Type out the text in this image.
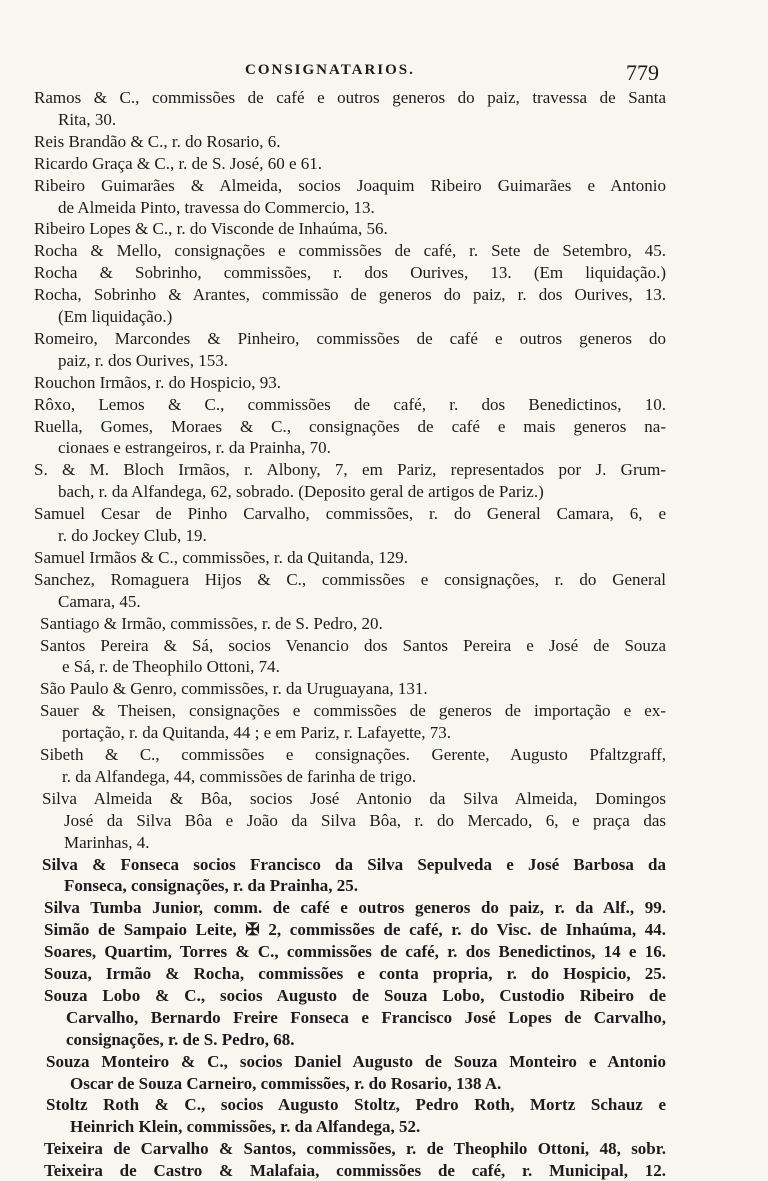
CONSIGNATARIOS.	779
Ramos & C., commissões de café e outros generos do paiz, travessa de Santa
Rita, 30.
Reis Brandão & C., r. do Rosario, 6.
Ricardo Graça & C., r. de S. José, 60 e 61.
Ribeiro Guimarães & Almeida, socios Joaquim Ribeiro Guimarães e Antonio
de Almeida Pinto, travessa do Commercio, 13.
Ribeiro Lopes & C., r. do Visconde de Inhaúma, 56.
Rocha & Mello, consignações e commissões de café, r. Sete de Setembro, 45.
Rocha & Sobrinho, commissões, r. dos Ourives, 13. (Em liquidação.)
Rocha, Sobrinho & Arantes, commissão de generos do paiz, r. dos Ourives, 13.
(Em liquidação.)
Romeiro, Marcondes & Pinheiro, commissões de café e outros generos do
paiz, r. dos Ourives, 153.
Rouchon Irmãos, r. do Hospicio, 93.
Rôxo, Lemos & C., commissões de café, r. dos Benedictinos, 10.
Ruella, Gomes, Moraes & C., consignações de café e mais generos na-
cionaes e estrangeiros, r. da Prainha, 70.
S. & M. Bloch Irmãos, r. Albony, 7, em Pariz, representados por J. Grum-
bach, r. da Alfandega, 62, sobrado. (Deposito geral de artigos de Pariz.)
Samuel Cesar de Pinho Carvalho, commissões, r. do General Camara, 6, e
r. do Jockey Club, 19.
Samuel Irmãos & C., commissões, r. da Quitanda, 129.
Sanchez, Romaguera Hijos & C., commissões e consignações, r. do General
Camara, 45.
Santiago & Irmão, commissões, r. de S. Pedro, 20.
Santos Pereira & Sá, socios Venancio dos Santos Pereira e José de Souza
e Sá, r. de Theophilo Ottoni, 74.
São Paulo & Genro, commissões, r. da Uruguayana, 131.
Sauer & Theisen, consignações e commissões de generos de importação e ex-
portação, r. da Quitanda, 44 ; e em Pariz, r. Lafayette, 73.
Sibeth & C., commissões e consignações. Gerente, Augusto Pfaltzgraff,
r. da Alfandega, 44, commissões de farinha de trigo.
Silva Almeida & Bôa, socios José Antonio da Silva Almeida, Domingos
José da Silva Bôa e João da Silva Bôa, r. do Mercado, 6, e praça das
Marinhas, 4.
Silva & Fonseca socios Francisco da Silva Sepulveda e José Barbosa da
Fonseca, consignações, r. da Prainha, 25.
Silva Tumba Junior, comm. de café e outros generos do paiz, r. da Alf., 99.
Simão de Sampaio Leite, ✠ 2, commissões de café, r. do Visc. de Inhaúma, 44.
Soares, Quartim, Torres & C., commissões de café, r. dos Benedictinos, 14 e 16.
Souza, Irmão & Rocha, commissões e conta propria, r. do Hospicio, 25.
Souza Lobo & C., socios Augusto de Souza Lobo, Custodio Ribeiro de
Carvalho, Bernardo Freire Fonseca e Francisco José Lopes de Carvalho,
consignações, r. de S. Pedro, 68.
Souza Monteiro & C., socios Daniel Augusto de Souza Monteiro e Antonio
Oscar de Souza Carneiro, commissões, r. do Rosario, 138 A.
Stoltz Roth & C., socios Augusto Stoltz, Pedro Roth, Mortz Schauz e
Heinrich Klein, commissões, r. da Alfandega, 52.
Teixeira de Carvalho & Santos, commissões, r. de Theophilo Ottoni, 48, sobr.
Teixeira de Castro & Malafaia, commissões de café, r. Municipal, 12.
